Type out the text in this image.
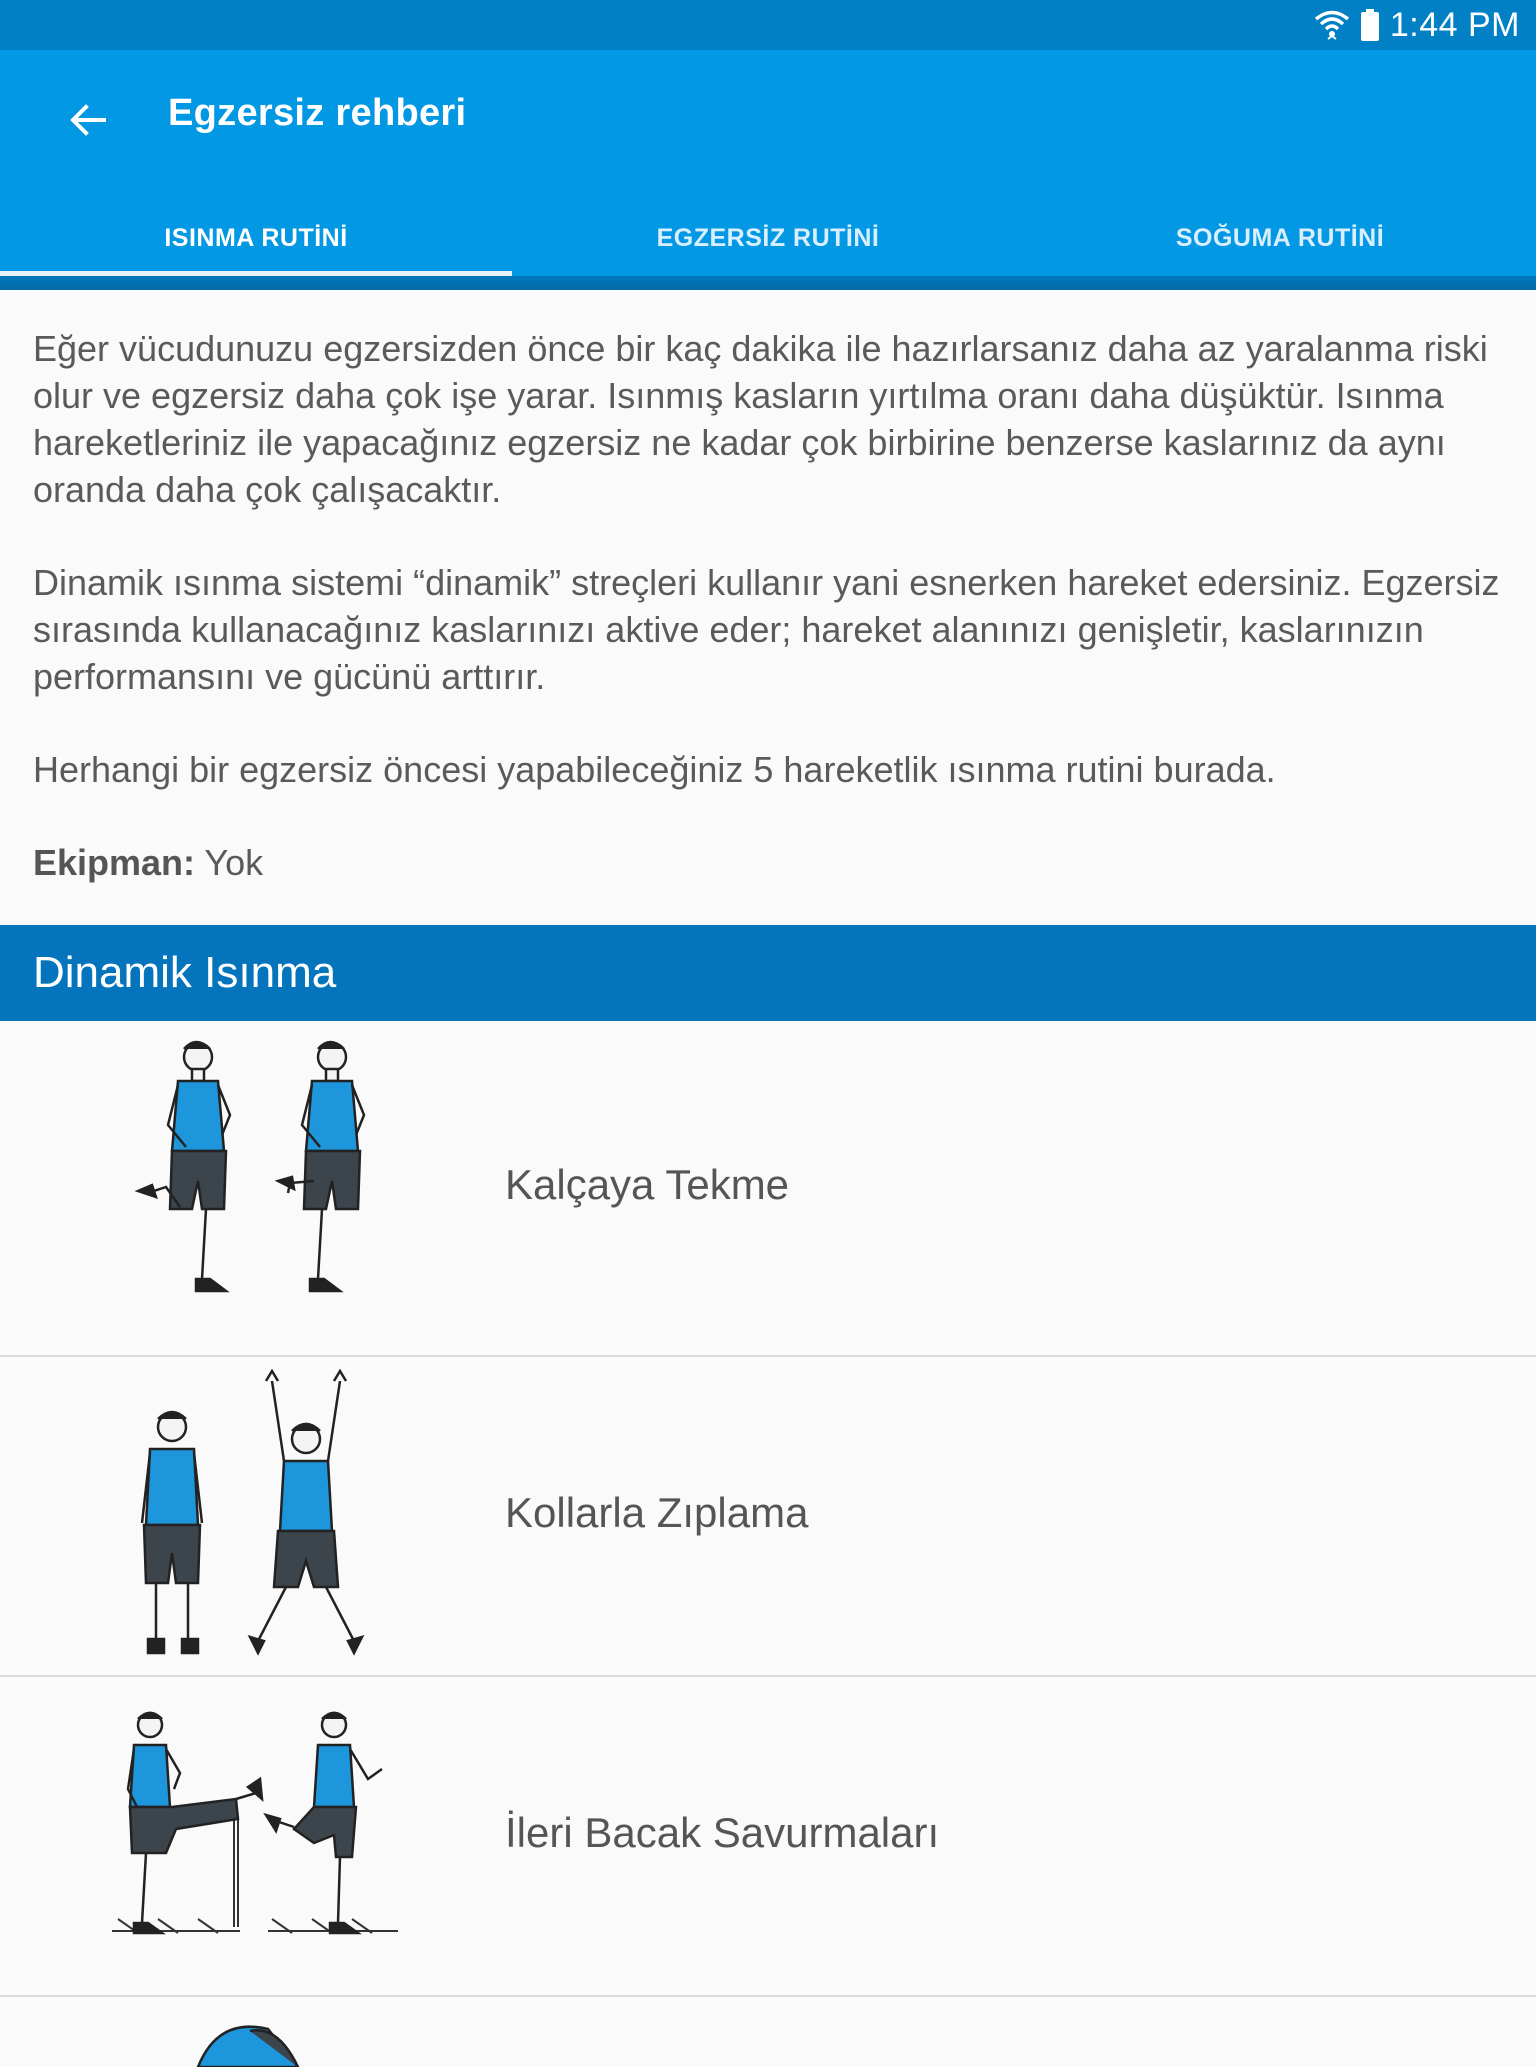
1:44 PM
Egzersiz rehberi
ISINMA RUTİNİ	EGZERSİZ RUTİNİ	SOĞUMA RUTİNİ

Eğer vücudunuzu egzersizden önce bir kaç dakika ile hazırlarsanız daha az yaralanma riski olur ve egzersiz daha çok işe yarar. Isınmış kasların yırtılma oranı daha düşüktür. Isınma hareketleriniz ile yapacağınız egzersiz ne kadar çok birbirine benzerse kaslarınız da aynı oranda daha çok çalışacaktır.

Dinamik ısınma sistemi “dinamik” streçleri kullanır yani esnerken hareket edersiniz. Egzersiz sırasında kullanacağınız kaslarınızı aktive eder; hareket alanınızı genişletir, kaslarınızın performansını ve gücünü arttırır.

Herhangi bir egzersiz öncesi yapabileceğiniz 5 hareketlik ısınma rutini burada.

Ekipman: Yok

Dinamik Isınma
Kalçaya Tekme
Kollarla Zıplama
İleri Bacak Savurmaları
